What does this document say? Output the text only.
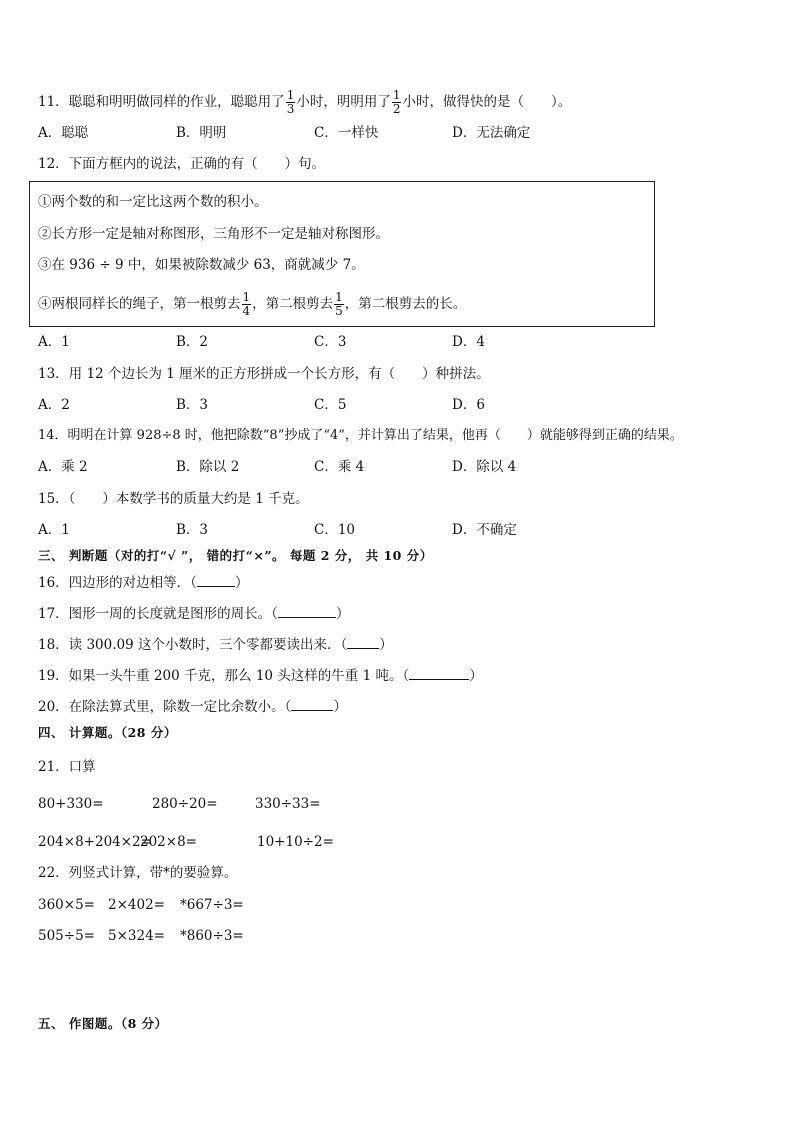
11．聪聪和明明做同样的作业，聪聪用了 $\frac{1}{3}$ 小时，明明用了 $\frac{1}{2}$ 小时，做得快的是（　　）。
A．聪聪	B．明明	C．一样快	D．无法确定
12．下面方框内的说法，正确的有（　　）句。
①两个数的和一定比这两个数的积小。
②长方形一定是轴对称图形，三角形不一定是轴对称图形。
③在 936 ÷ 9 中，如果被除数减少 63，商就减少 7。
④两根同样长的绳子，第一根剪去 $\frac{1}{4}$ ，第二根剪去 $\frac{1}{5}$ ，第二根剪去的长。
A．1	B．2	C．3	D．4
13．用 12 个边长为 1 厘米的正方形拼成一个长方形，有（　　）种拼法。
A．2	B．3	C．5	D．6
14．明明在计算 928÷8 时，他把除数“8”抄成了“4”，并计算出了结果，他再（　　）就能够得到正确的结果。
A．乘 2	B．除以 2	C．乘 4	D．除以 4
15．（　　）本数学书的质量大约是 1 千克。
A．1	B．3	C．10	D．不确定
三、 判断题（对的打“√ ”， 错的打“×”。 每题 2 分， 共 10 分）
16．四边形的对边相等．（	）
17．图形一周的长度就是图形的周长。（	）
18．读 300.09 这个小数时，三个零都要读出来．（ ）
19．如果一头牛重 200 千克，那么 10 头这样的牛重 1 吨。（	）
20．在除法算式里，除数一定比余数小。（	）
四、 计算题。（28 分）
21．口算
80+330=	280÷20=	330÷33=
204×8+204×2=
202×8=	10+10÷2=
22．列竖式计算，带*的要验算。
360×5= 2×402= *667÷3=
505÷5= 5×324= *860÷3=
五、 作图题。（8 分）
